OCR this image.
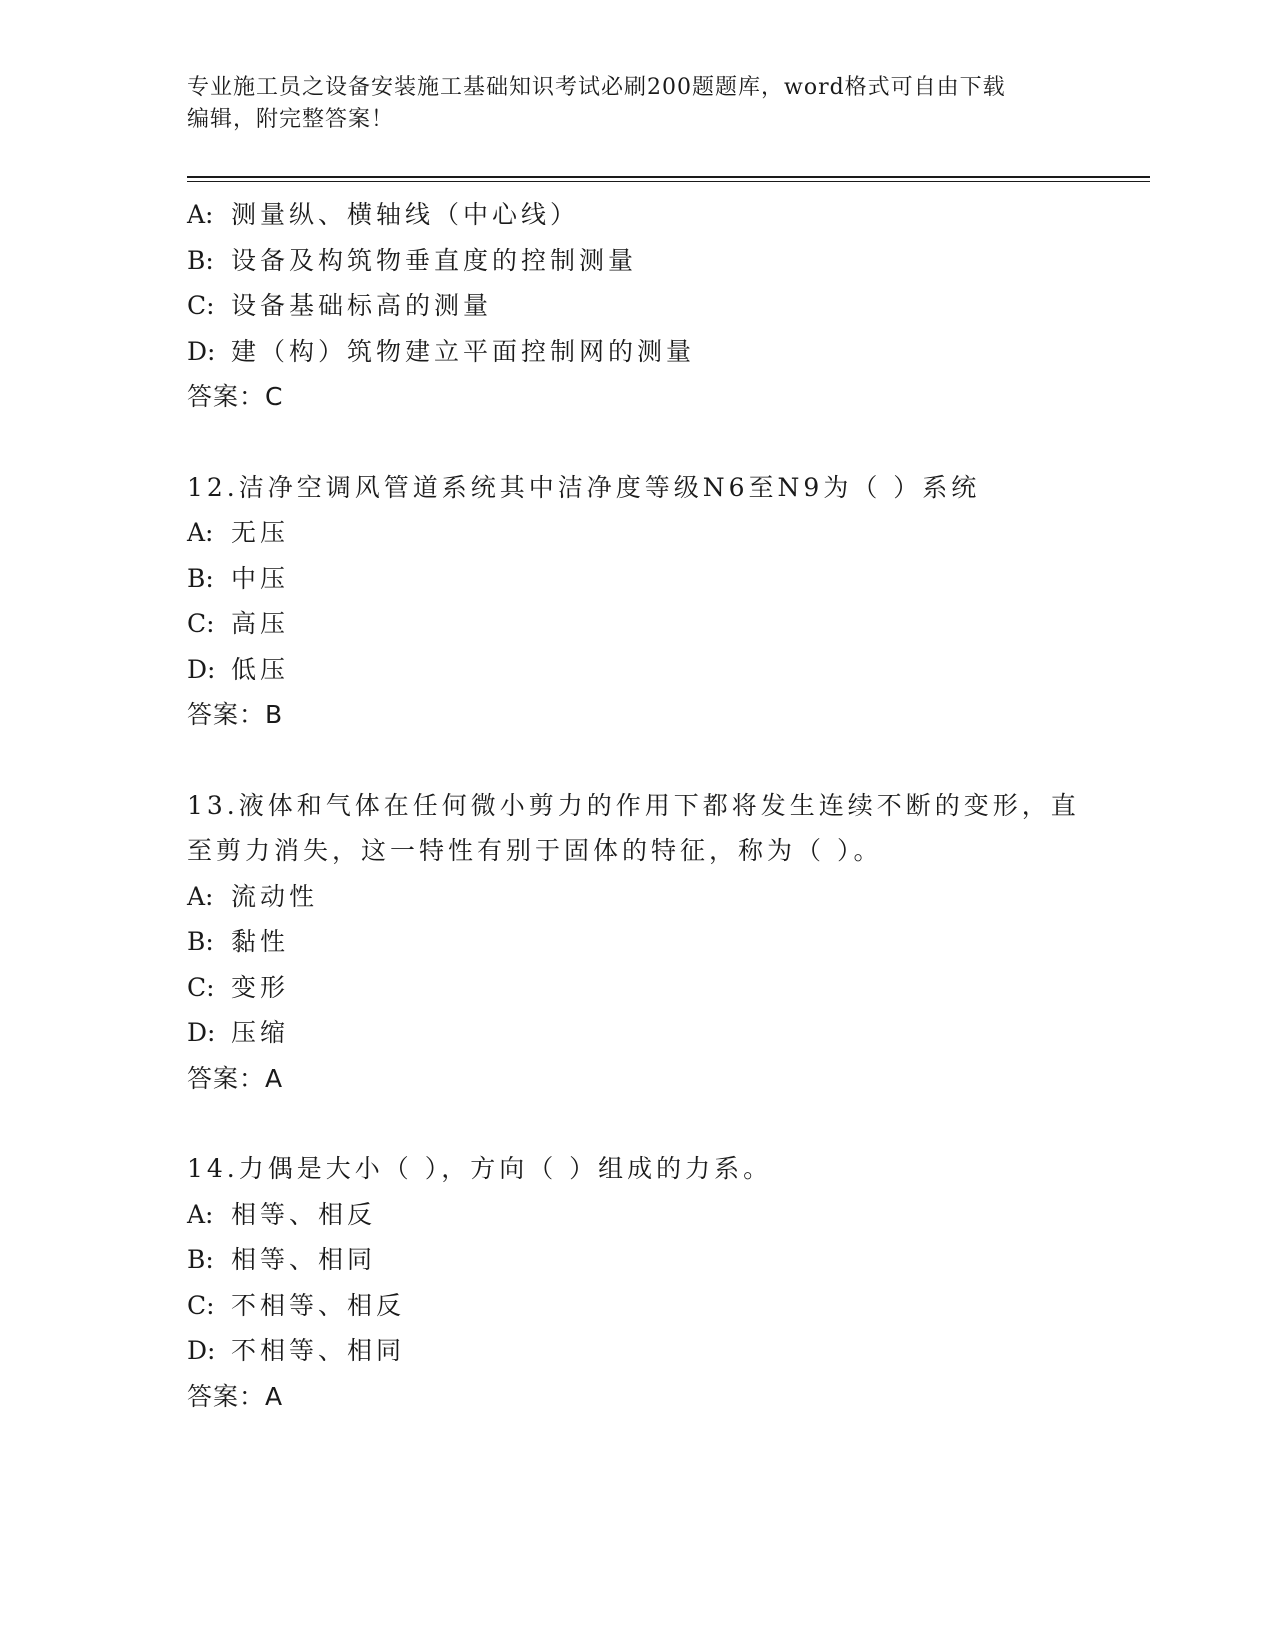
专业施工员之设备安装施工基础知识考试必刷200题题库，word格式可自由下载
编辑，附完整答案！
A: 测量纵、横轴线（中心线）
B: 设备及构筑物垂直度的控制测量
C: 设备基础标高的测量
D: 建（构）筑物建立平面控制网的测量
答案：C
12.洁净空调风管道系统其中洁净度等级N6至N9为（ ）系统
A: 无压
B: 中压
C: 高压
D: 低压
答案：B
13.液体和气体在任何微小剪力的作用下都将发生连续不断的变形，直
至剪力消失，这一特性有别于固体的特征，称为（ ）。
A: 流动性
B: 黏性
C: 变形
D: 压缩
答案：A
14.力偶是大小（ ），方向（ ）组成的力系。
A: 相等、相反
B: 相等、相同
C: 不相等、相反
D: 不相等、相同
答案：A
